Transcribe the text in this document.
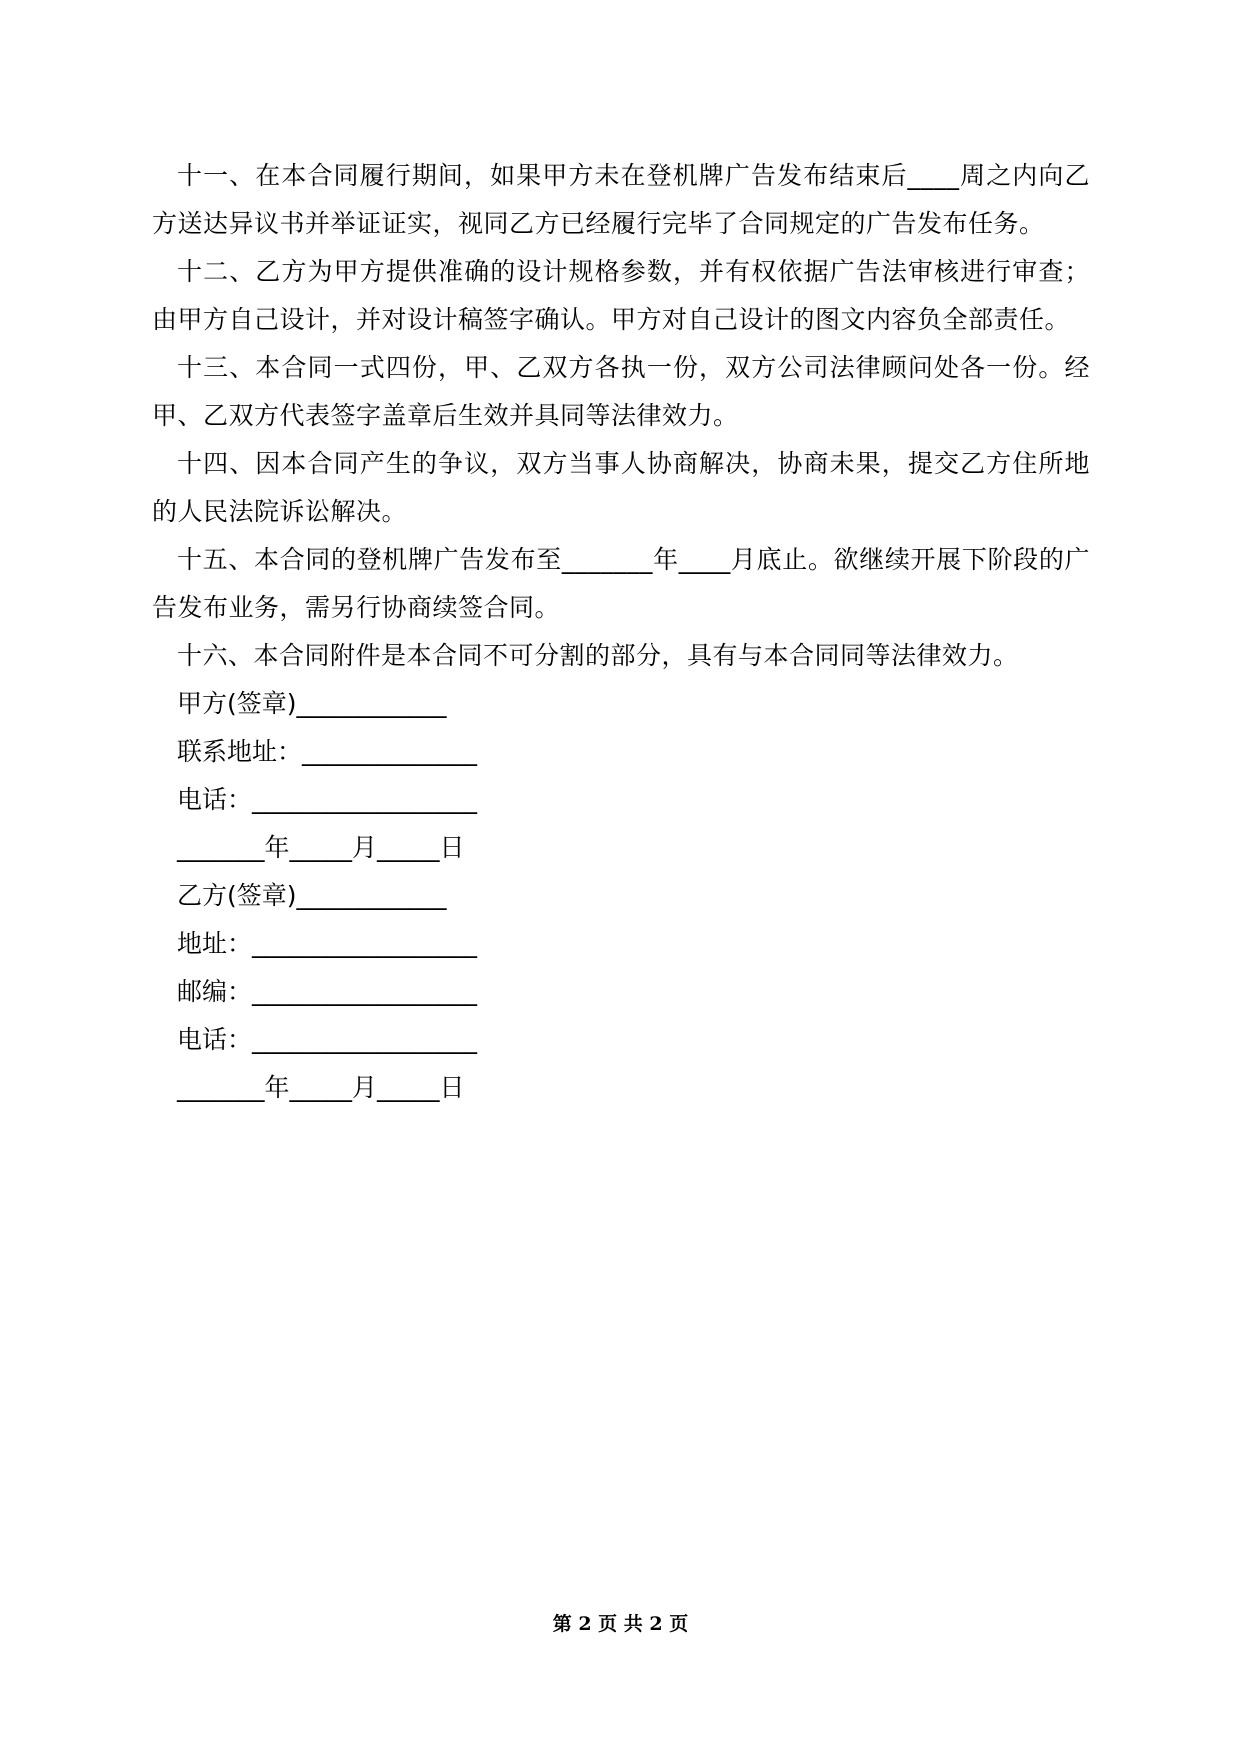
十一、在本合同履行期间，如果甲方未在登机牌广告发布结束后____周之内向乙方送达异议书并举证证实，视同乙方已经履行完毕了合同规定的广告发布任务。

十二、乙方为甲方提供准确的设计规格参数，并有权依据广告法审核进行审查；由甲方自己设计，并对设计稿签字确认。甲方对自己设计的图文内容负全部责任。

十三、本合同一式四份，甲、乙双方各执一份，双方公司法律顾问处各一份。经甲、乙双方代表签字盖章后生效并具同等法律效力。

十四、因本合同产生的争议，双方当事人协商解决，协商未果，提交乙方住所地的人民法院诉讼解决。

十五、本合同的登机牌广告发布至_______年____月底止。欲继续开展下阶段的广告发布业务，需另行协商续签合同。

十六、本合同附件是本合同不可分割的部分，具有与本合同同等法律效力。

甲方(签章)____________

联系地址：______________

电话：__________________

_______年_____月_____日

乙方(签章)____________

地址：__________________

邮编：__________________

电话：__________________

_______年_____月_____日

第 2 页 共 2 页
